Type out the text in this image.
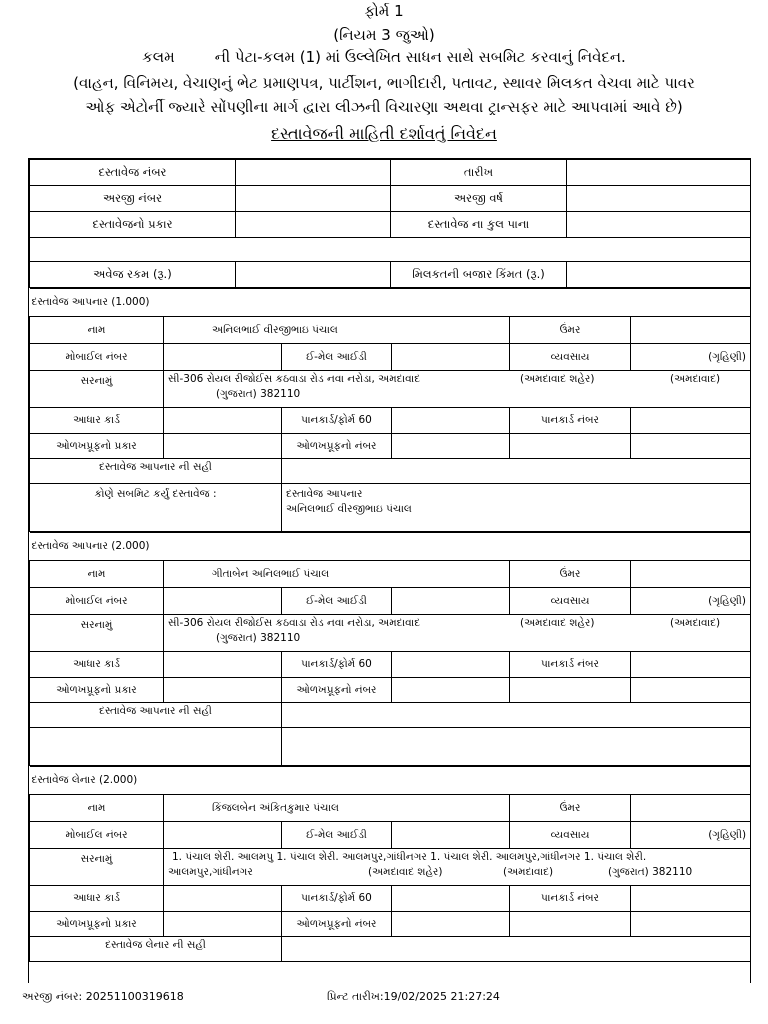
ફોર્મ 1
(નિયમ 3 જુઓ)
કલમ	ની પેટા-કલમ (1) માં ઉલ્લેખિત સાધન સાથે સબમિટ કરવાનું નિવેદન.
(વાહન, વિનિમય, વેચાણનું ભેટ પ્રમાણપત્ર, પાર્ટીશન, ભાગીદારી, પતાવટ, સ્થાવર મિલકત વેચવા માટે પાવર
ઓફ એટોર્ની જ્યારે સોંપણીના માર્ગ દ્વારા લીઝની વિચારણા અથવા ટ્રાન્સફર માટે આપવામાં આવે છે)
દસ્તાવેજની માહિતી દર્શાવતું નિવેદન
દસ્તાવેજ નંબર		તારીખ	
અરજી નંબર		અરજી વર્ષ	
દસ્તાવેજનો પ્રકાર		દસ્તાવેજ ના કુલ પાના	

અવેજ રકમ (રૂ.)		મિલકતની બજાર કિંમત (રૂ.)	
દસ્તાવેજ આપનાર (1.000)					
નામ	અનિલભાઈ વીરજીભાઇ પંચાલ			ઉંમર	
મોબાઈલ નંબર		ઈ-મેલ આઈડી		વ્યવસાય	(ગૃહિણી)
સરનામું	સી-306 રોયલ રીજોઈસ કઠવાડા રોડ નવા નરોડા, અમદાવાદ (અમદાવાદ શહેર) (અમદાવાદ)
(ગુજરાત) 382110				
આધાર કાર્ડ		પાનકાર્ડ/ફોર્મ 60		પાનકાર્ડ નંબર	
ઓળખપ્રૂફનો પ્રકાર		ઓળખપ્રૂફનો નંબર			
દસ્તાવેજ આપનાર ની સહી					
કોણે સબમિટ કર્યું દસ્તાવેજ :		દસ્તાવેજ આપનાર
અનિલભાઈ વીરજીભાઇ પંચાલ			
દસ્તાવેજ આપનાર (2.000)					
નામ	ગીતાબેન અનિલભાઈ પંચાલ			ઉંમર	
મોબાઈલ નંબર		ઈ-મેલ આઈડી		વ્યવસાય	(ગૃહિણી)
સરનામું	સી-306 રોયલ રીજોઈસ કઠવાડા રોડ નવા નરોડા, અમદાવાદ (અમદાવાદ શહેર) (અમદાવાદ)
(ગુજરાત) 382110				
આધાર કાર્ડ		પાનકાર્ડ/ફોર્મ 60		પાનકાર્ડ નંબર	
ઓળખપ્રૂફનો પ્રકાર		ઓળખપ્રૂફનો નંબર			
દસ્તાવેજ આપનાર ની સહી					

દસ્તાવેજ લેનાર (2.000)					
નામ	કિંજલબેન અંકિતકુમાર પંચાલ			ઉંમર	
મોબાઈલ નંબર		ઈ-મેલ આઈડી		વ્યવસાય	(ગૃહિણી)
સરનામું	1. પંચાલ શેરી. આલમપુ 1. પંચાલ શેરી. આલમપુર,ગાંધીનગર 1. પંચાલ શેરી. આલમપુર,ગાંધીનગર 1. પંચાલ શેરી.
આલમપુર,ગાંધીનગર (અમદાવાદ શહેર) (અમદાવાદ) (ગુજરાત) 382110				
આધાર કાર્ડ		પાનકાર્ડ/ફોર્મ 60		પાનકાર્ડ નંબર	
ઓળખપ્રૂફનો પ્રકાર		ઓળખપ્રૂફનો નંબર			
દસ્તાવેજ લેનાર ની સહી					
અરજી નંબર: 20251100319618	પ્રિન્ટ તારીખ:19/02/2025 21:27:24
